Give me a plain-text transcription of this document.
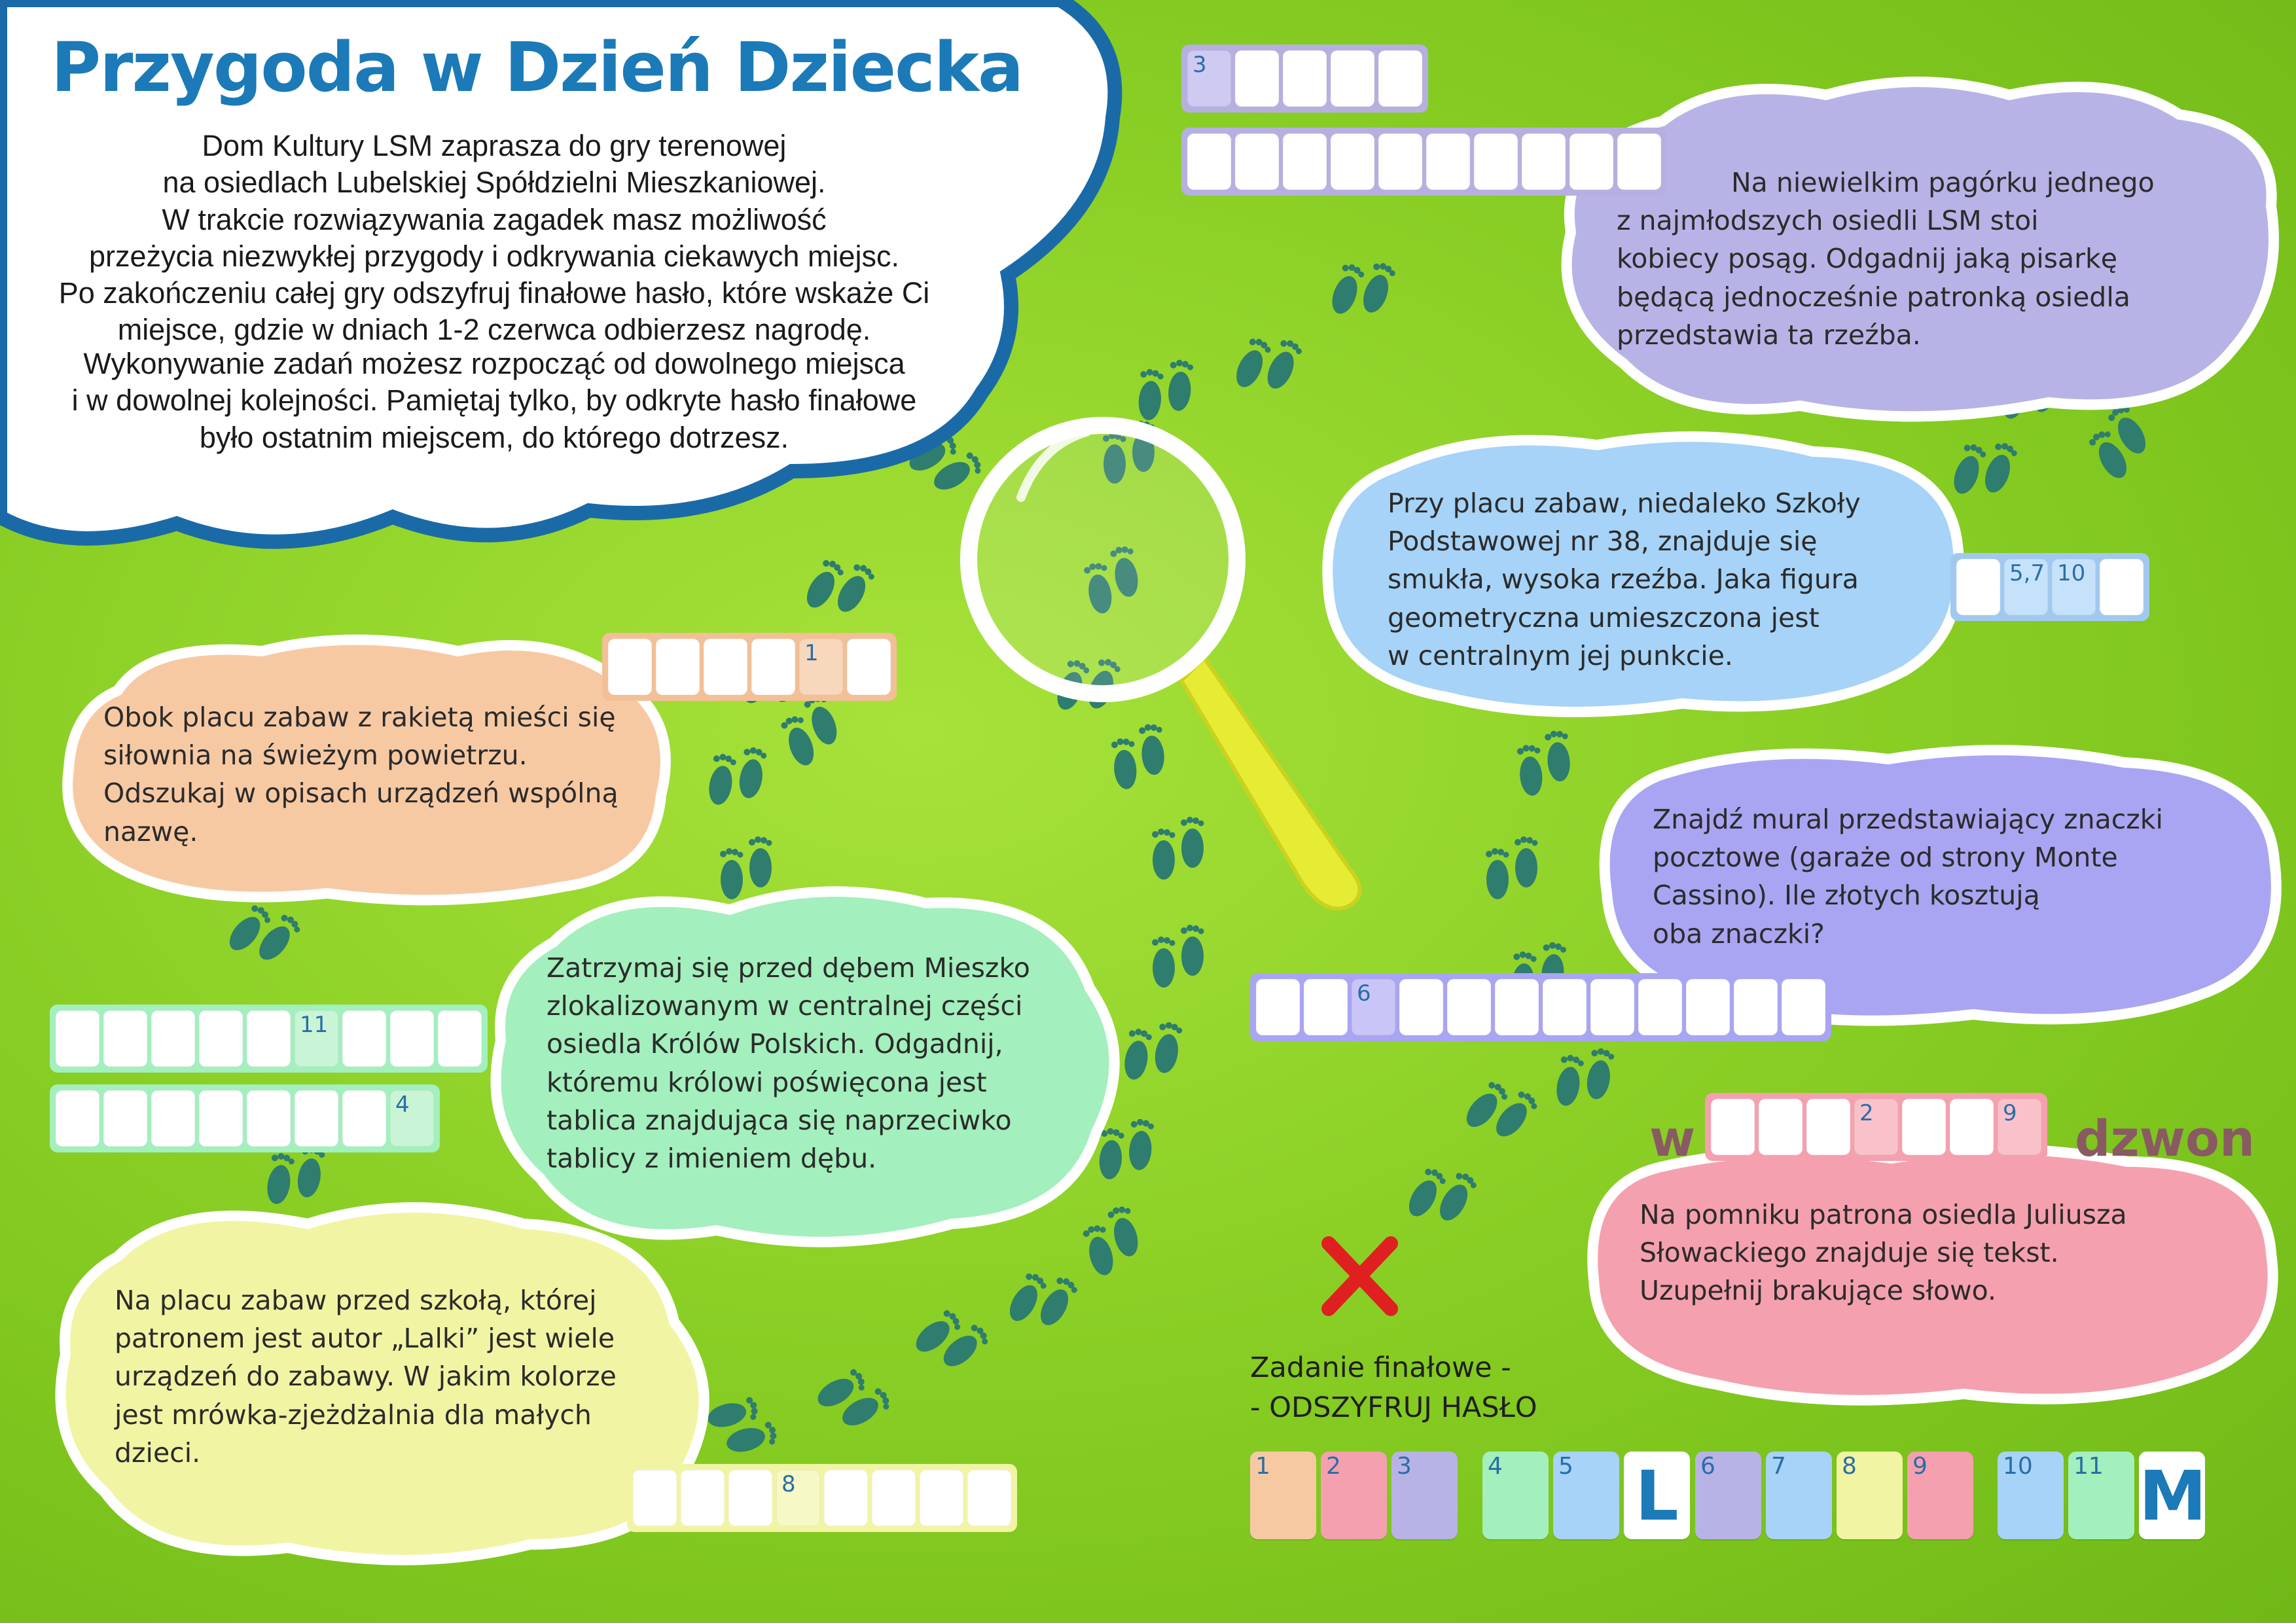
Przygoda w Dzień Dziecka

Dom Kultury LSM zaprasza do gry terenowej
na osiedlach Lubelskiej Spółdzielni Mieszkaniowej.
W trakcie rozwiązywania zagadek masz możliwość
przeżycia niezwykłej przygody i odkrywania ciekawych miejsc.
Po zakończeniu całej gry odszyfruj finałowe hasło, które wskaże Ci
miejsce, gdzie w dniach 1-2 czerwca odbierzesz nagrodę.

Wykonywanie zadań możesz rozpocząć od dowolnego miejsca
i w dowolnej kolejności. Pamiętaj tylko, by odkryte hasło finałowe
było ostatnim miejscem, do którego dotrzesz.

Na niewielkim pagórku jednego
z najmłodszych osiedli LSM stoi
kobiecy posąg. Odgadnij jaką pisarkę
będącą jednocześnie patronką osiedla
przedstawia ta rzeźba.

Przy placu zabaw, niedaleko Szkoły
Podstawowej nr 38, znajduje się
smukła, wysoka rzeźba. Jaka figura
geometryczna umieszczona jest
w centralnym jej punkcie.

Obok placu zabaw z rakietą mieści się
siłownia na świeżym powietrzu.
Odszukaj w opisach urządzeń wspólną
nazwę.	Znajdź mural przedstawiający znaczki
pocztowe (garaże od strony Monte
Cassino). Ile złotych kosztują
oba znaczki?

Zatrzymaj się przed dębem Mieszko
zlokalizowanym w centralnej części
osiedla Królów Polskich. Odgadnij,
któremu królowi poświęcona jest
tablica znajdująca się naprzeciwko
tablicy z imieniem dębu.

Na pomniku patrona osiedla Juliusza
Słowackiego znajduje się tekst.
Uzupełnij brakujące słowo.

Na placu zabaw przed szkołą, której
patronem jest autor „Lalki” jest wiele
urządzeń do zabawy. W jakim kolorze
jest mrówka-zjeżdżalnia dla małych
dzieci.

3
5,7 10
1
6
11
4	2	9
8
w	dzwon

Zadanie finałowe -
- ODSZYFRUJ HASŁO

1 2 3	4 5 L 6 7 8 9	10 11 M
